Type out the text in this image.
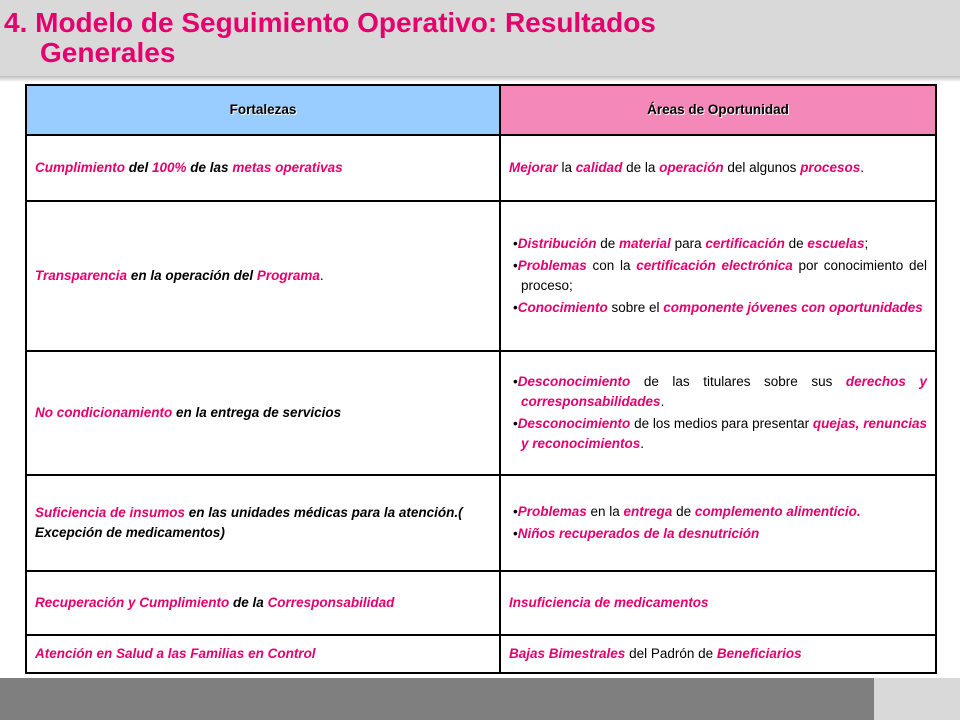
4. Modelo de Seguimiento Operativo: Resultados
Generales
Fortalezas	Áreas de Oportunidad
Cumplimiento del 100% de las metas operativas	Mejorar la calidad de la operación del algunos procesos.

Transparencia en la operación del Programa.	•Distribución de material para certificación de escuelas;
•Problemas con la certificación electrónica por conocimiento del proceso;
•Conocimiento sobre el componente jóvenes con oportunidades

No condicionamiento en la entrega de servicios	•Desconocimiento de las titulares sobre sus derechos y corresponsabilidades.
•Desconocimiento de los medios para presentar quejas, renuncias y reconocimientos.

Suficiencia de insumos en las unidades médicas para la atención.( Excepción de medicamentos)	•Problemas en la entrega de complemento alimenticio.
•Niños recuperados de la desnutrición

Recuperación y Cumplimiento de la Corresponsabilidad	Insuficiencia de medicamentos

Atención en Salud a las Familias en Control	Bajas Bimestrales del Padrón de Beneficiarios
